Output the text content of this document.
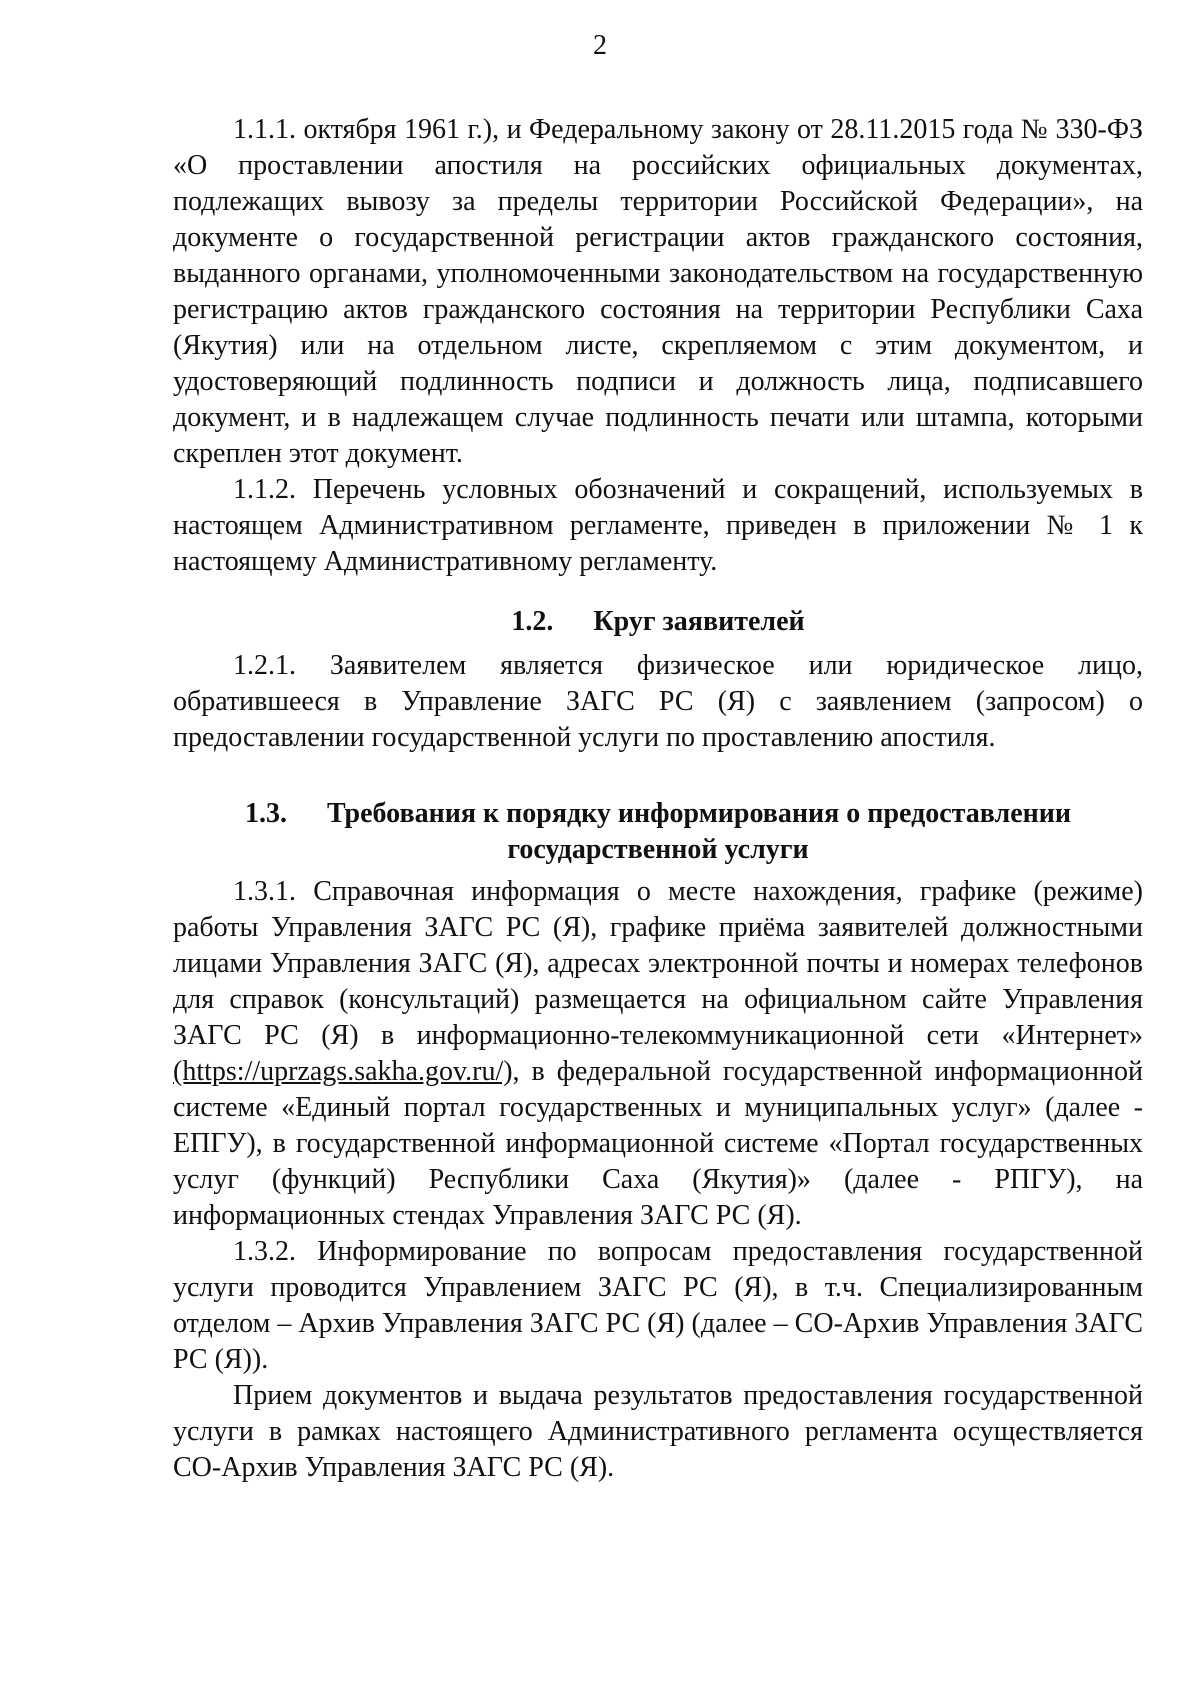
2

1.1.1. октября 1961 г.), и Федеральному закону от 28.11.2015 года № 330-ФЗ «О проставлении апостиля на российских официальных документах, подлежащих вывозу за пределы территории Российской Федерации», на документе о государственной регистрации актов гражданского состояния, выданного органами, уполномоченными законодательством на государственную регистрацию актов гражданского состояния на территории Республики Саха (Якутия) или на отдельном листе, скрепляемом с этим документом, и удостоверяющий подлинность подписи и должность лица, подписавшего документ, и в надлежащем случае подлинность печати или штампа, которыми скреплен этот документ.

1.1.2. Перечень условных обозначений и сокращений, используемых в настоящем Административном регламенте, приведен в приложении № 1 к настоящему Административному регламенту.

1.2. Круг заявителей

1.2.1. Заявителем является физическое или юридическое лицо, обратившееся в Управление ЗАГС РС (Я) с заявлением (запросом) о предоставлении государственной услуги по проставлению апостиля.

1.3. Требования к порядку информирования о предоставлении
государственной услуги

1.3.1. Справочная информация о месте нахождения, графике (режиме) работы Управления ЗАГС РС (Я), графике приёма заявителей должностными лицами Управления ЗАГС (Я), адресах электронной почты и номерах телефонов для справок (консультаций) размещается на официальном сайте Управления ЗАГС РС (Я) в информационно-телекоммуникационной сети «Интернет» (https://uprzags.sakha.gov.ru/), в федеральной государственной информационной системе «Единый портал государственных и муниципальных услуг» (далее - ЕПГУ), в государственной информационной системе «Портал государственных услуг (функций) Республики Саха (Якутия)» (далее - РПГУ), на информационных стендах Управления ЗАГС РС (Я).

1.3.2. Информирование по вопросам предоставления государственной услуги проводится Управлением ЗАГС РС (Я), в т.ч. Специализированным отделом – Архив Управления ЗАГС РС (Я) (далее – СО-Архив Управления ЗАГС РС (Я)).

Прием документов и выдача результатов предоставления государственной услуги в рамках настоящего Административного регламента осуществляется СО-Архив Управления ЗАГС РС (Я).
